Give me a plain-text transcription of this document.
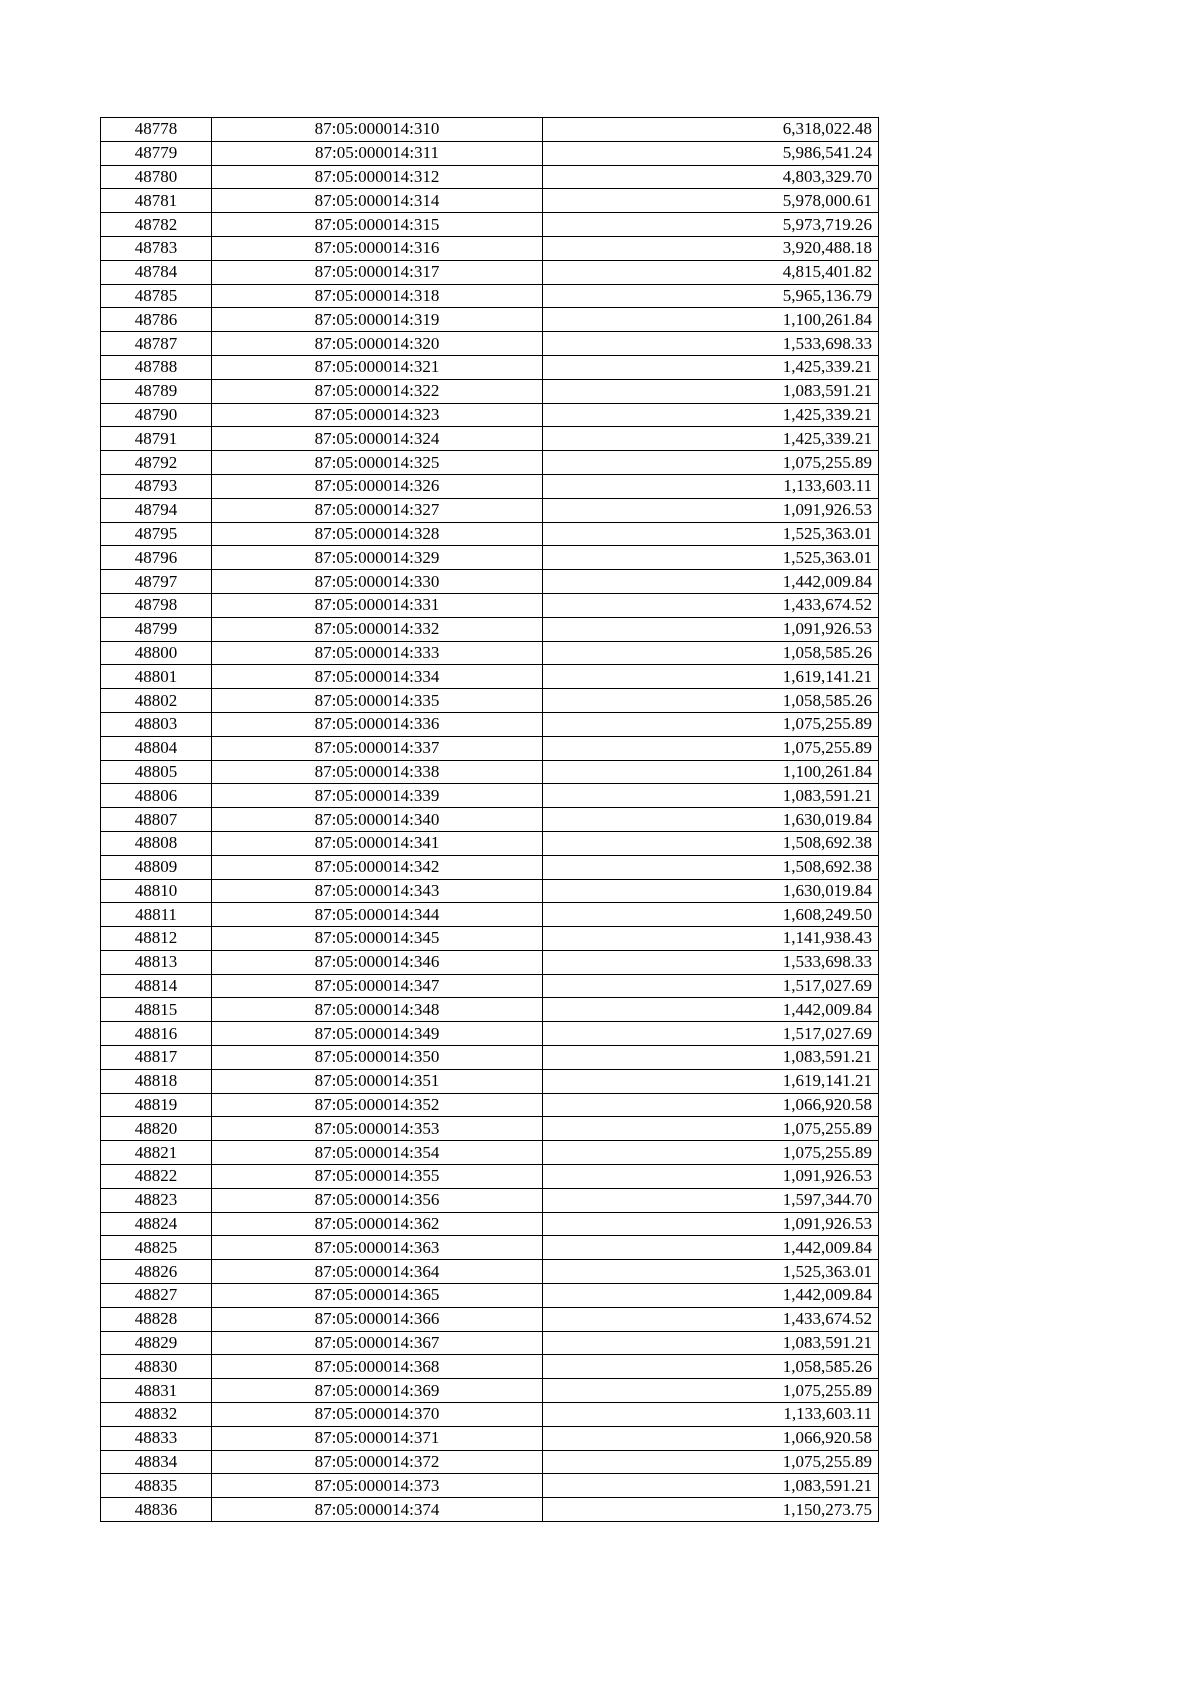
48778	87:05:000014:310	6,318,022.48
48779	87:05:000014:311	5,986,541.24
48780	87:05:000014:312	4,803,329.70
48781	87:05:000014:314	5,978,000.61
48782	87:05:000014:315	5,973,719.26
48783	87:05:000014:316	3,920,488.18
48784	87:05:000014:317	4,815,401.82
48785	87:05:000014:318	5,965,136.79
48786	87:05:000014:319	1,100,261.84
48787	87:05:000014:320	1,533,698.33
48788	87:05:000014:321	1,425,339.21
48789	87:05:000014:322	1,083,591.21
48790	87:05:000014:323	1,425,339.21
48791	87:05:000014:324	1,425,339.21
48792	87:05:000014:325	1,075,255.89
48793	87:05:000014:326	1,133,603.11
48794	87:05:000014:327	1,091,926.53
48795	87:05:000014:328	1,525,363.01
48796	87:05:000014:329	1,525,363.01
48797	87:05:000014:330	1,442,009.84
48798	87:05:000014:331	1,433,674.52
48799	87:05:000014:332	1,091,926.53
48800	87:05:000014:333	1,058,585.26
48801	87:05:000014:334	1,619,141.21
48802	87:05:000014:335	1,058,585.26
48803	87:05:000014:336	1,075,255.89
48804	87:05:000014:337	1,075,255.89
48805	87:05:000014:338	1,100,261.84
48806	87:05:000014:339	1,083,591.21
48807	87:05:000014:340	1,630,019.84
48808	87:05:000014:341	1,508,692.38
48809	87:05:000014:342	1,508,692.38
48810	87:05:000014:343	1,630,019.84
48811	87:05:000014:344	1,608,249.50
48812	87:05:000014:345	1,141,938.43
48813	87:05:000014:346	1,533,698.33
48814	87:05:000014:347	1,517,027.69
48815	87:05:000014:348	1,442,009.84
48816	87:05:000014:349	1,517,027.69
48817	87:05:000014:350	1,083,591.21
48818	87:05:000014:351	1,619,141.21
48819	87:05:000014:352	1,066,920.58
48820	87:05:000014:353	1,075,255.89
48821	87:05:000014:354	1,075,255.89
48822	87:05:000014:355	1,091,926.53
48823	87:05:000014:356	1,597,344.70
48824	87:05:000014:362	1,091,926.53
48825	87:05:000014:363	1,442,009.84
48826	87:05:000014:364	1,525,363.01
48827	87:05:000014:365	1,442,009.84
48828	87:05:000014:366	1,433,674.52
48829	87:05:000014:367	1,083,591.21
48830	87:05:000014:368	1,058,585.26
48831	87:05:000014:369	1,075,255.89
48832	87:05:000014:370	1,133,603.11
48833	87:05:000014:371	1,066,920.58
48834	87:05:000014:372	1,075,255.89
48835	87:05:000014:373	1,083,591.21
48836	87:05:000014:374	1,150,273.75
